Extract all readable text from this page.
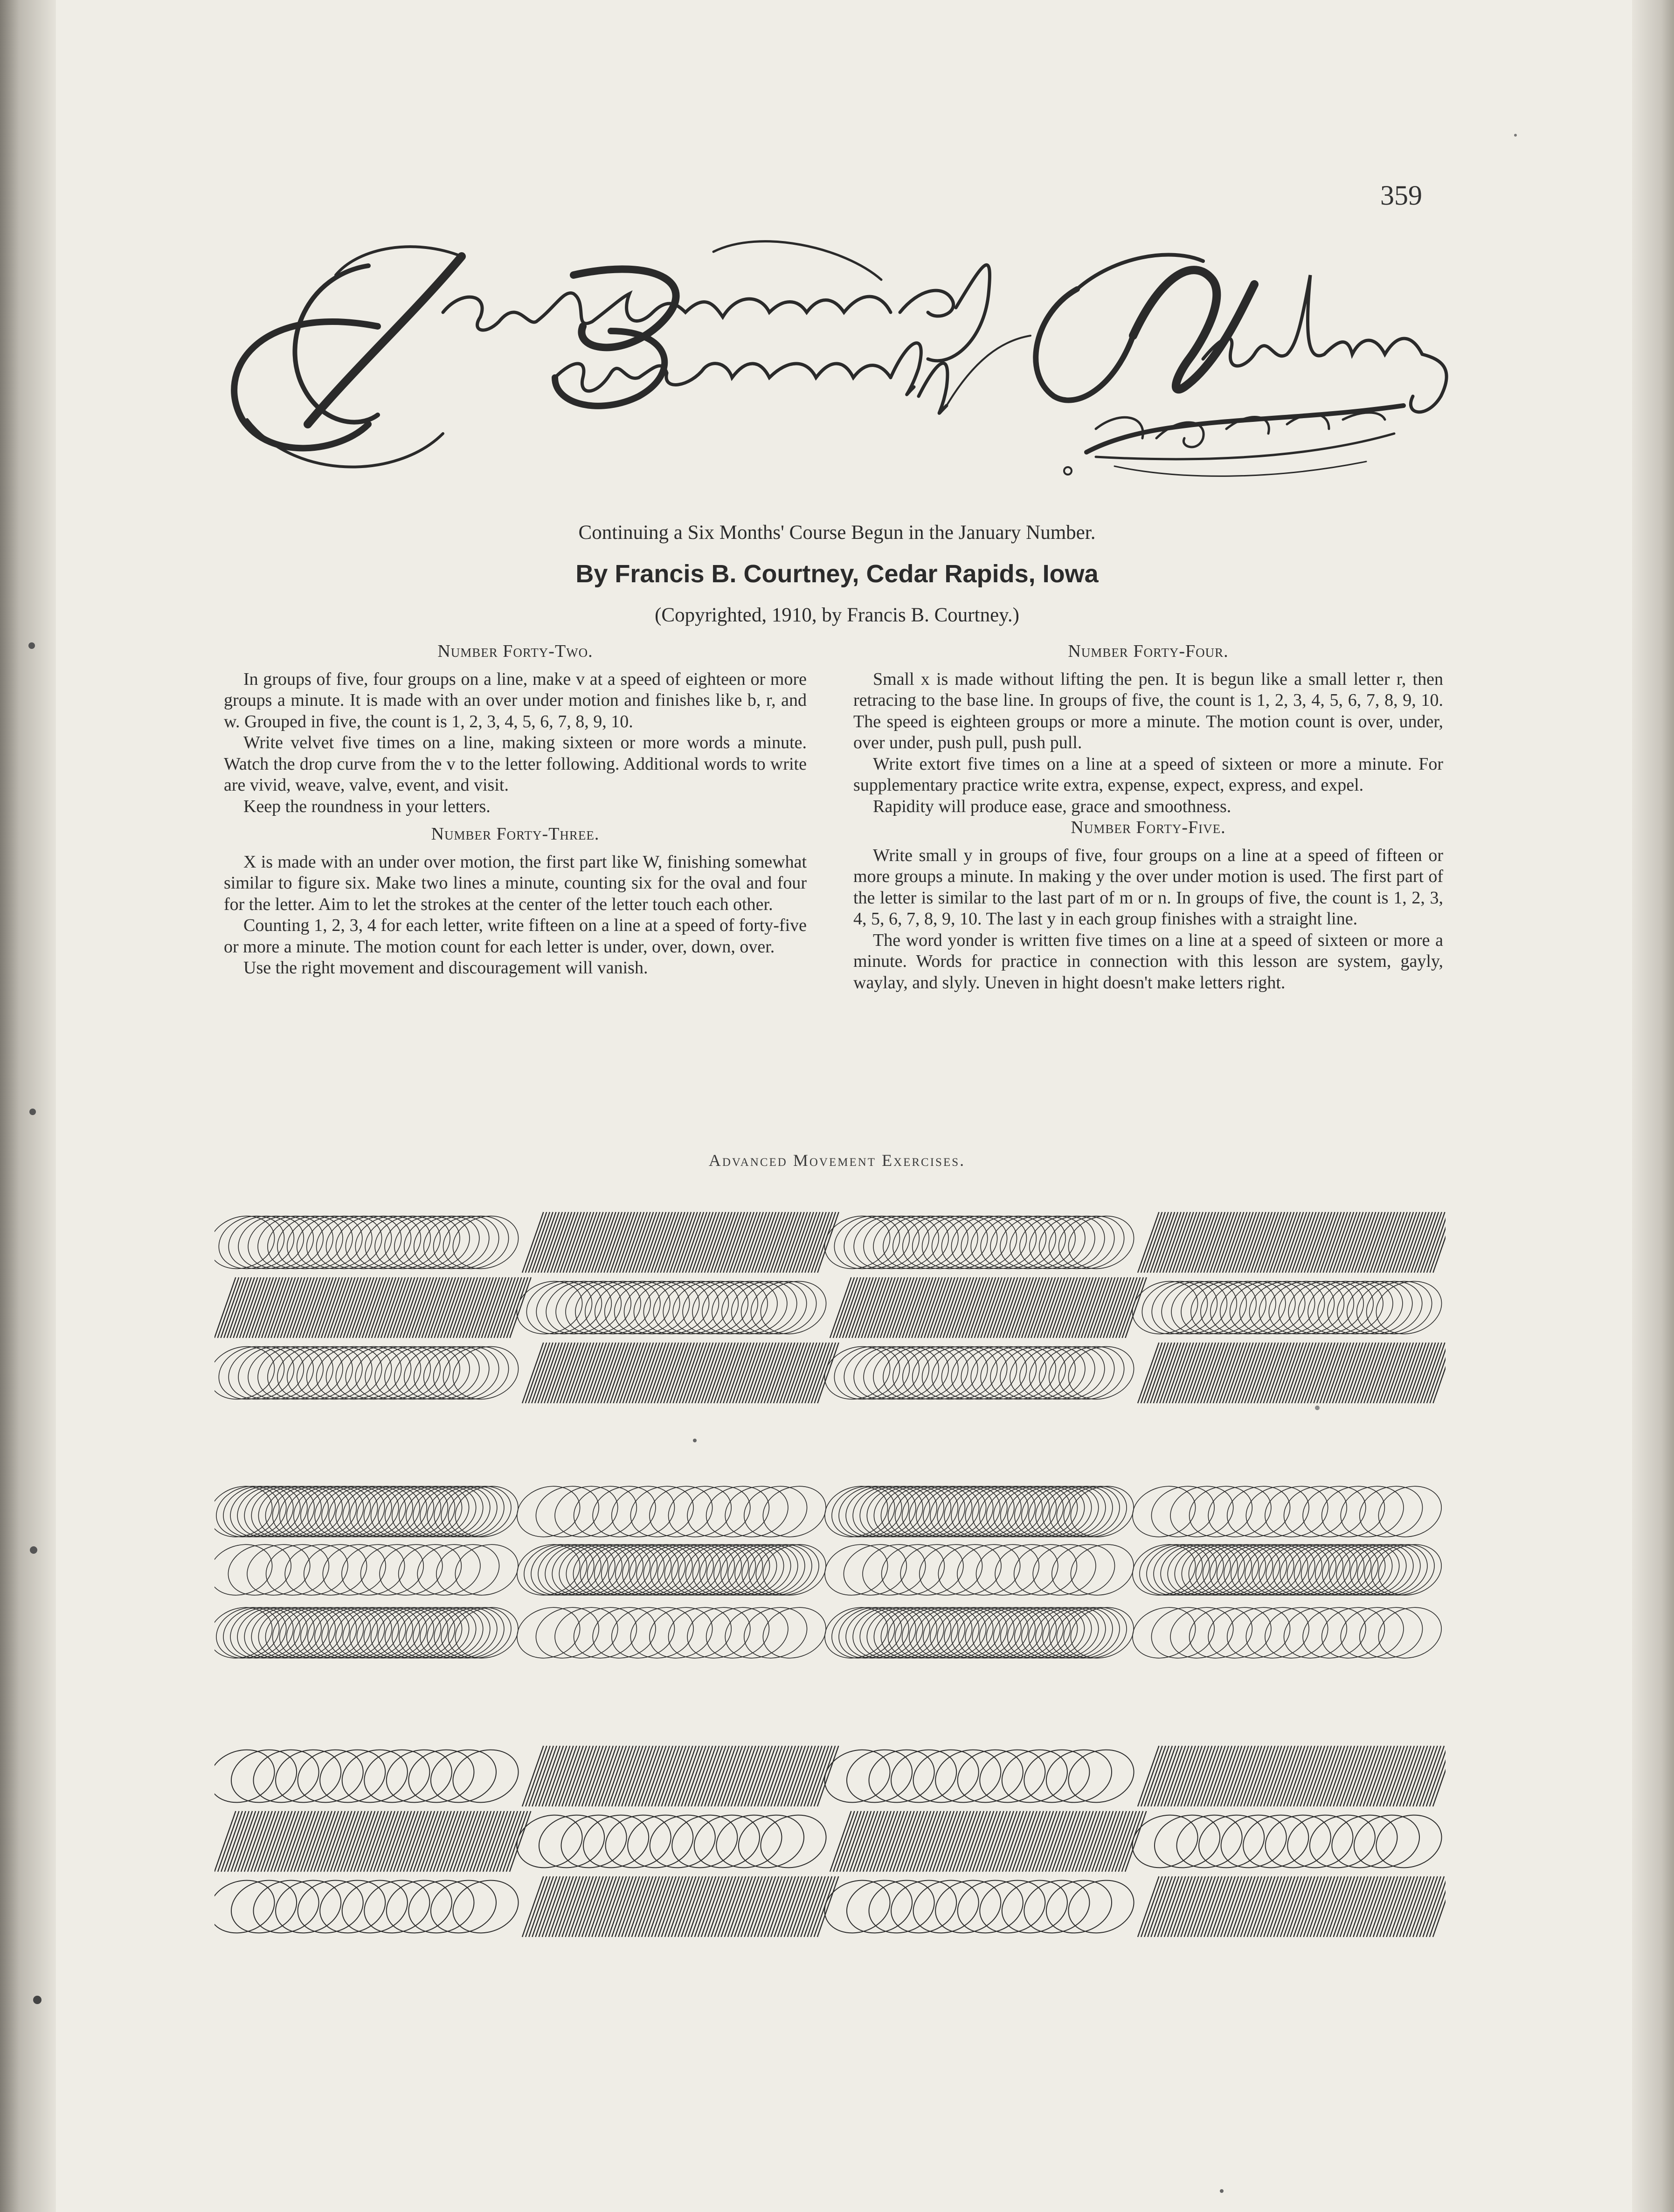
359
Continuing a Six Months' Course Begun in the January Number.
By Francis B. Courtney, Cedar Rapids, Iowa
(Copyrighted, 1910, by Francis B. Courtney.)
Number Forty-Two.

In groups of five, four groups on a line, make v at a speed of eighteen or more groups a minute. It is made with an over under motion and finishes like b, r, and w. Grouped in five, the count is 1, 2, 3, 4, 5, 6, 7, 8, 9, 10.

Write velvet five times on a line, making sixteen or more words a minute. Watch the drop curve from the v to the letter following. Additional words to write are vivid, weave, valve, event, and visit.

Keep the roundness in your letters.

Number Forty-Three.

X is made with an under over motion, the first part like W, finishing somewhat similar to figure six. Make two lines a minute, counting six for the oval and four for the letter. Aim to let the strokes at the center of the letter touch each other.

Counting 1, 2, 3, 4 for each letter, write fifteen on a line at a speed of forty-five or more a minute. The motion count for each letter is under, over, down, over.

Use the right movement and discouragement will vanish.

Number Forty-Four.

Small x is made without lifting the pen. It is begun like a small letter r, then retracing to the base line. In groups of five, the count is 1, 2, 3, 4, 5, 6, 7, 8, 9, 10. The speed is eighteen groups or more a minute. The motion count is over, under, over under, push pull, push pull.

Write extort five times on a line at a speed of sixteen or more a minute. For supplementary practice write extra, expense, expect, express, and expel.

Rapidity will produce ease, grace and smoothness.

Number Forty-Five.

Write small y in groups of five, four groups on a line at a speed of fifteen or more groups a minute. In making y the over under motion is used. The first part of the letter is similar to the last part of m or n. In groups of five, the count is 1, 2, 3, 4, 5, 6, 7, 8, 9, 10. The last y in each group finishes with a straight line.

The word yonder is written five times on a line at a speed of sixteen or more a minute. Words for practice in connection with this lesson are system, gayly, waylay, and slyly. Uneven in hight doesn't make letters right.

Advanced Movement Exercises.
